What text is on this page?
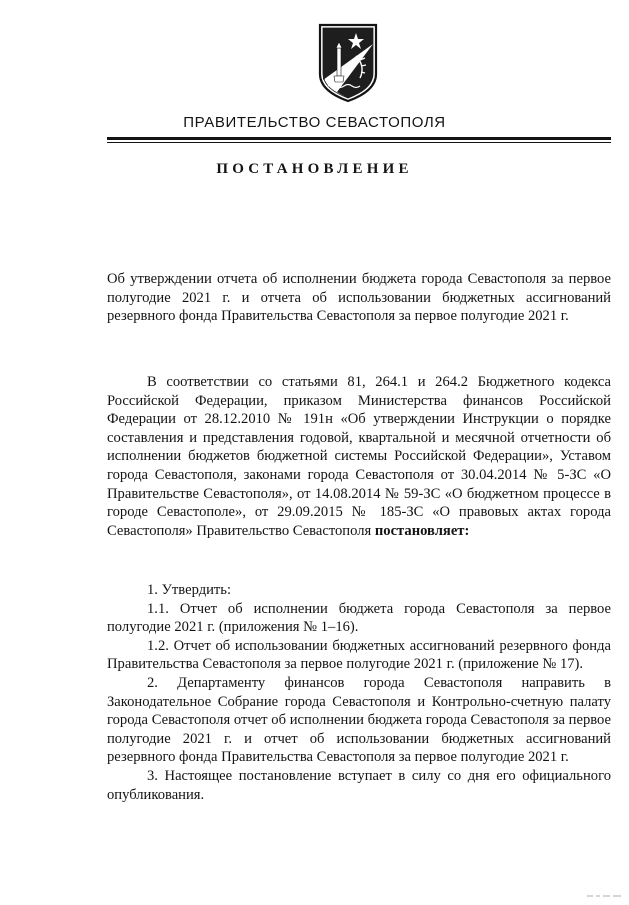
ПРАВИТЕЛЬСТВО СЕВАСТОПОЛЯ
ПОСТАНОВЛЕНИЕ

Об утверждении отчета об исполнении бюджета города Севастополя за первое полугодие 2021 г. и отчета об использовании бюджетных ассигнований резервного фонда Правительства Севастополя за первое полугодие 2021 г.

В соответствии со статьями 81, 264.1 и 264.2 Бюджетного кодекса Российской Федерации, приказом Министерства финансов Российской Федерации от 28.12.2010 № 191н «Об утверждении Инструкции о порядке составления и представления годовой, квартальной и месячной отчетности об исполнении бюджетов бюджетной системы Российской Федерации», Уставом города Севастополя, законами города Севастополя от 30.04.2014 № 5-ЗС «О Правительстве Севастополя», от 14.08.2014 № 59-ЗС «О бюджетном процессе в городе Севастополе», от 29.09.2015 № 185-ЗС «О правовых актах города Севастополя» Правительство Севастополя постановляет:

1. Утвердить:

1.1. Отчет об исполнении бюджета города Севастополя за первое полугодие 2021 г. (приложения № 1–16).

1.2. Отчет об использовании бюджетных ассигнований резервного фонда Правительства Севастополя за первое полугодие 2021 г. (приложение № 17).

2. Департаменту финансов города Севастополя направить в Законодательное Собрание города Севастополя и Контрольно-счетную палату города Севастополя отчет об исполнении бюджета города Севастополя за первое полугодие 2021 г. и отчет об использовании бюджетных ассигнований резервного фонда Правительства Севастополя за первое полугодие 2021 г.

3. Настоящее постановление вступает в силу со дня его официального опубликования.
